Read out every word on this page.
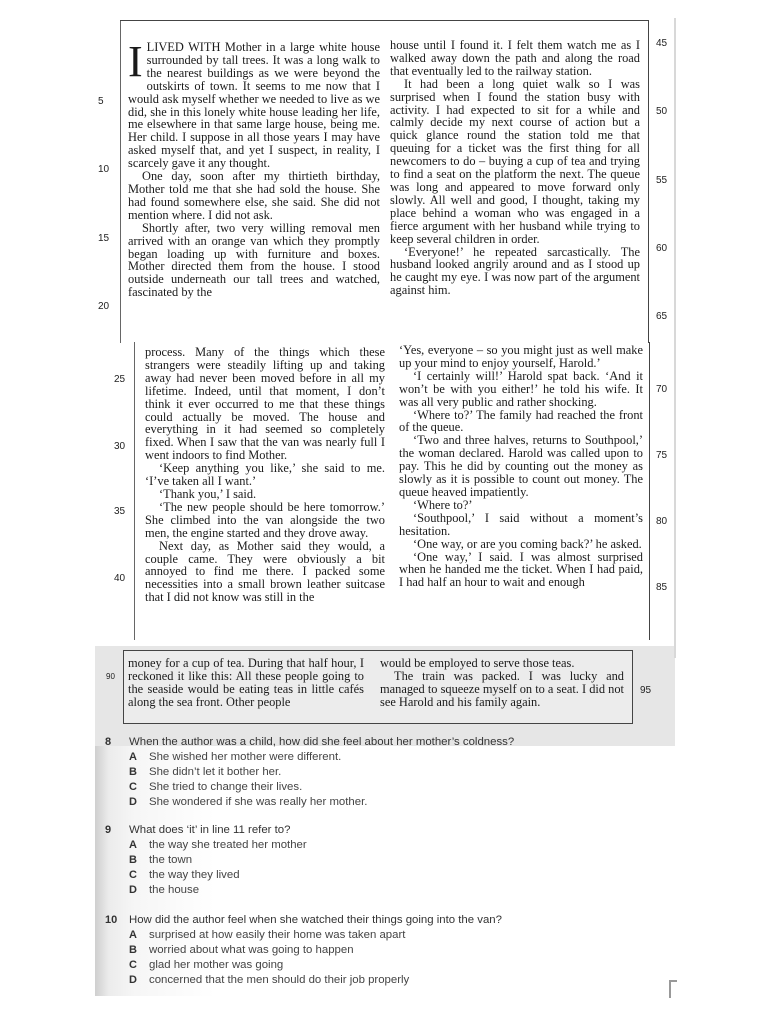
ILIVED WITH Mother in a large white house surrounded by tall trees. It was a long walk to the nearest buildings as we were beyond the outskirts of town. It seems to me now that I would ask myself whether we needed to live as we did, she in this lonely white house leading her life, me elsewhere in that same large house, being me. Her child. I suppose in all those years I may have asked myself that, and yet I suspect, in reality, I scarcely gave it any thought.

One day, soon after my thirtieth birthday, Mother told me that she had sold the house. She had found somewhere else, she said. She did not mention where. I did not ask.

Shortly after, two very willing removal men arrived with an orange van which they promptly began loading up with furniture and boxes. Mother directed them from the house. I stood outside underneath our tall trees and watched, fascinated by the

house until I found it. I felt them watch me as I walked away down the path and along the road that eventually led to the railway station.

It had been a long quiet walk so I was surprised when I found the station busy with activity. I had expected to sit for a while and calmly decide my next course of action but a quick glance round the station told me that queuing for a ticket was the first thing for all newcomers to do – buying a cup of tea and trying to find a seat on the platform the next. The queue was long and appeared to move forward only slowly. All well and good, I thought, taking my place behind a woman who was engaged in a fierce argument with her husband while trying to keep several children in order.

‘Everyone!’ he repeated sarcastically. The husband looked angrily around and as I stood up he caught my eye. I was now part of the argument against him.

process. Many of the things which these strangers were steadily lifting up and taking away had never been moved before in all my lifetime. Indeed, until that moment, I don’t think it ever occurred to me that these things could actually be moved. The house and everything in it had seemed so completely fixed. When I saw that the van was nearly full I went indoors to find Mother.

‘Keep anything you like,’ she said to me. ‘I’ve taken all I want.’

‘Thank you,’ I said.

‘The new people should be here tomorrow.’ She climbed into the van alongside the two men, the engine started and they drove away.

Next day, as Mother said they would, a couple came. They were obviously a bit annoyed to find me there. I packed some necessities into a small brown leather suitcase that I did not know was still in the

‘Yes, everyone – so you might just as well make up your mind to enjoy yourself, Harold.’

‘I certainly will!’ Harold spat back. ‘And it won’t be with you either!’ he told his wife. It was all very public and rather shocking.

‘Where to?’ The family had reached the front of the queue.

‘Two and three halves, returns to Southpool,’ the woman declared. Harold was called upon to pay. This he did by counting out the money as slowly as it is possible to count out money. The queue heaved impatiently.

‘Where to?’

‘Southpool,’ I said without a moment’s hesitation.

‘One way, or are you coming back?’ he asked.

‘One way,’ I said. I was almost surprised when he handed me the ticket. When I had paid, I had half an hour to wait and enough

money for a cup of tea. During that half hour, I reckoned it like this: All these people going to the seaside would be eating teas in little cafés along the sea front. Other people

would be employed to serve those teas.

The train was packed. I was lucky and managed to squeeze myself on to a seat. I did not see Harold and his family again.

5
10
15
20
25
30
35
40
90
45
50
55
60
65
70
75
80
85
95
8	When the author was a child, how did she feel about her mother’s coldness?
A	She wished her mother were different.
B	She didn’t let it bother her.
C	She tried to change their lives.
D	She wondered if she was really her mother.
9	What does ‘it’ in line 11 refer to?
A	the way she treated her mother
B	the town
C	the way they lived
D	the house
10	How did the author feel when she watched their things going into the van?
A	surprised at how easily their home was taken apart
B	worried about what was going to happen
C	glad her mother was going
D	concerned that the men should do their job properly
